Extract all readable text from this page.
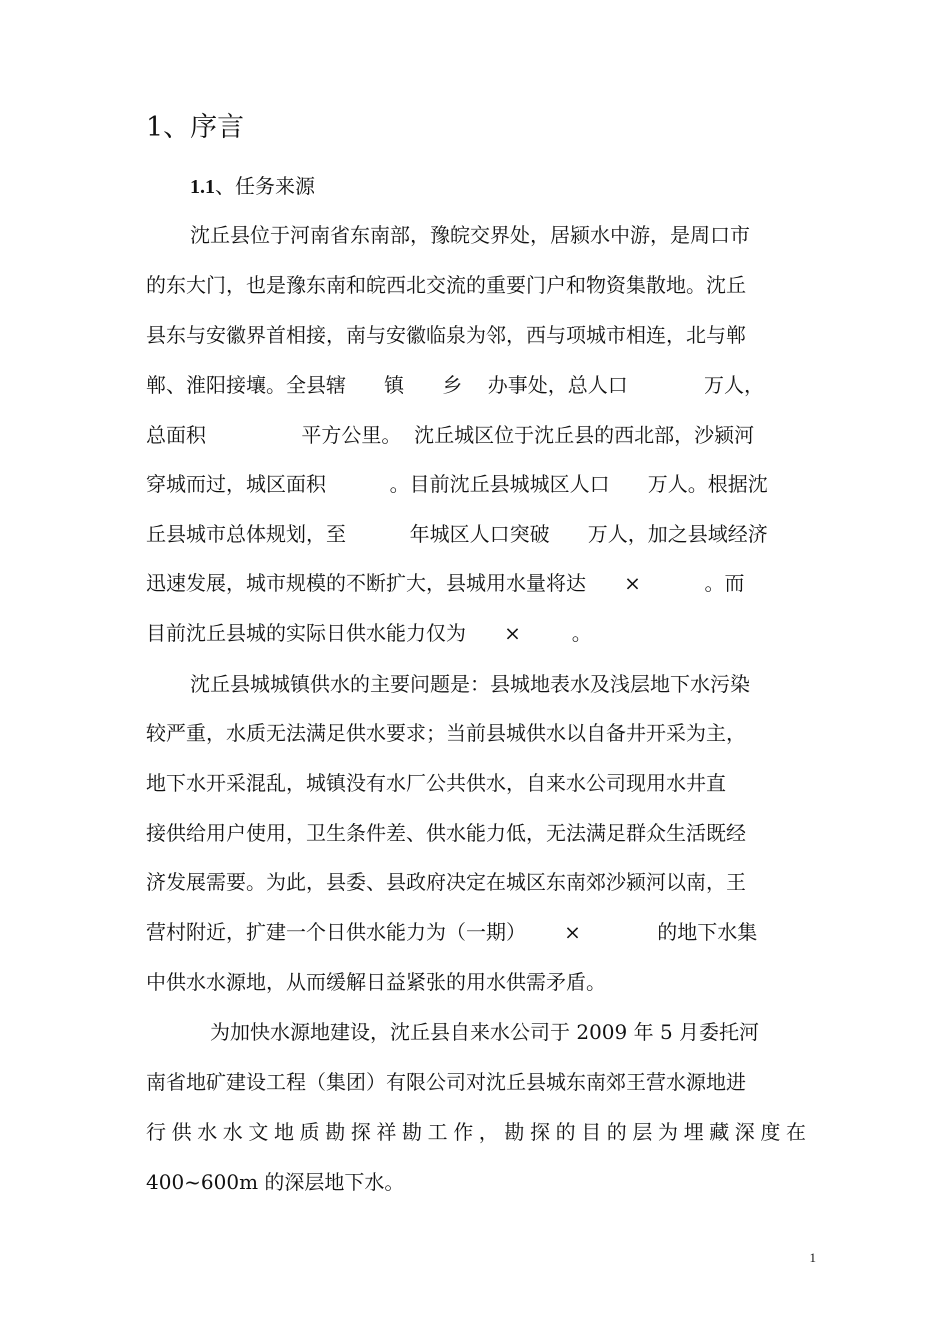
1、序言
1.1、任务来源
沈丘县位于河南省东南部，豫皖交界处，居颍水中游，是周口市
的东大门，也是豫东南和皖西北交流的重要门户和物资集散地。沈丘
县东与安徽界首相接，南与安徽临泉为邻，西与项城市相连，北与郸
郸、淮阳接壤。全县辖      镇      乡    办事处，总人口            万人，
总面积               平方公里。  沈丘城区位于沈丘县的西北部，沙颍河
穿城而过，城区面积          。目前沈丘县城城区人口      万人。根据沈
丘县城市总体规划，至          年城区人口突破      万人，加之县域经济
迅速发展，城市规模的不断扩大，县城用水量将达      ×          。而
目前沈丘县城的实际日供水能力仅为      ×        。
沈丘县城城镇供水的主要问题是：县城地表水及浅层地下水污染
较严重，水质无法满足供水要求；当前县城供水以自备井开采为主，
地下水开采混乱，城镇没有水厂公共供水，自来水公司现用水井直
接供给用户使用，卫生条件差、供水能力低，无法满足群众生活既经
济发展需要。为此，县委、县政府决定在城区东南郊沙颍河以南，王
营村附近，扩建一个日供水能力为（一期）      ×            的地下水集
中供水水源地，从而缓解日益紧张的用水供需矛盾。
为加快水源地建设，沈丘县自来水公司于 2009 年 5 月委托河
南省地矿建设工程（集团）有限公司对沈丘县城东南郊王营水源地进
行供水水文地质勘探祥勘工作，勘探的目的层为埋藏深度在
400~600m 的深层地下水。
1
